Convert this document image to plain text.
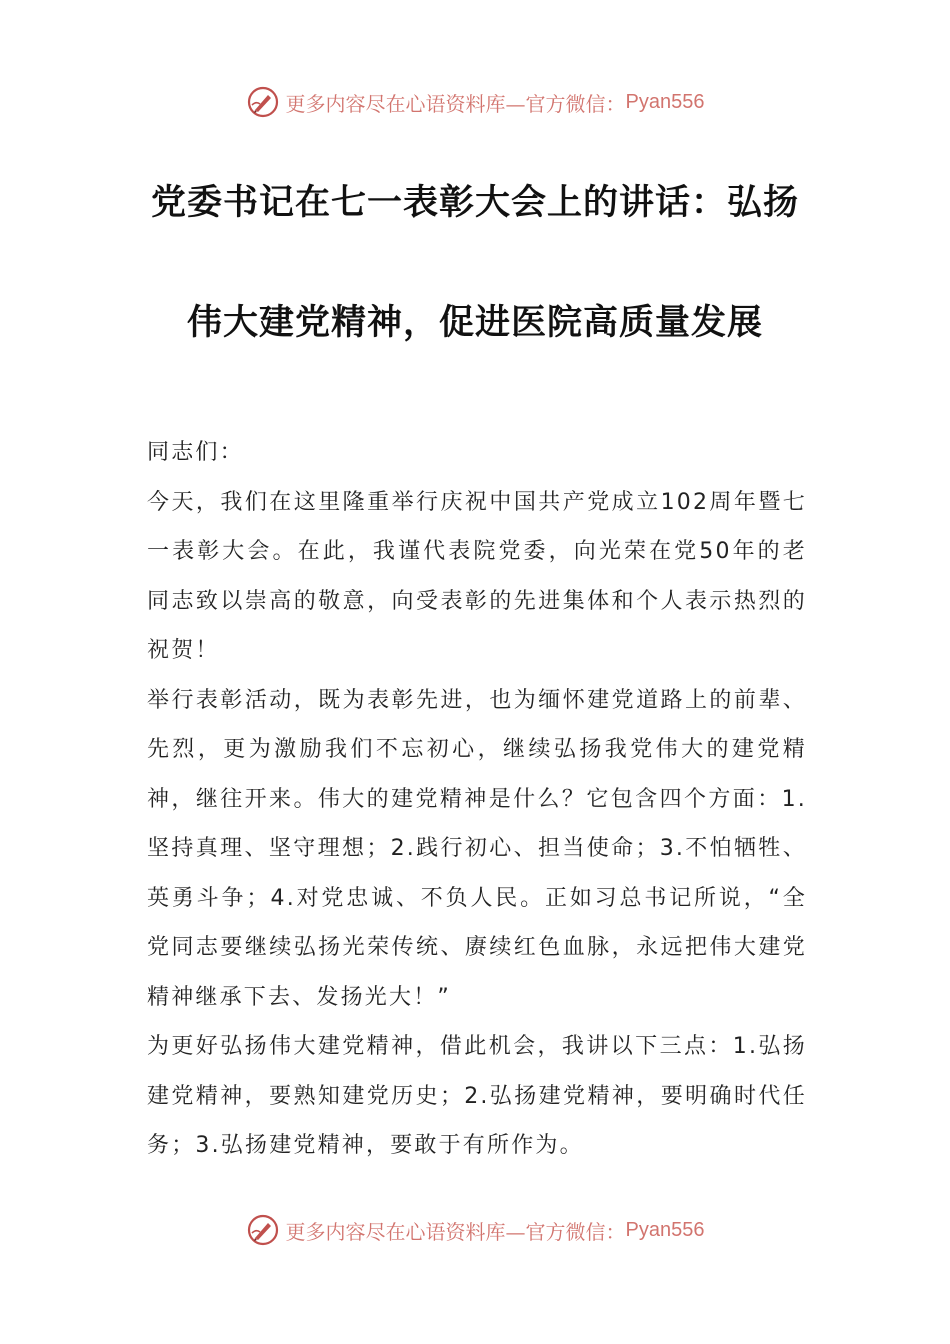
更多内容尽在心语资料库— 官方微信： Pyan556
党委书记在七一表彰大会上的讲话：弘扬
伟大建党精神，促进医院高质量发展

同志们：

今天，我们在这里隆重举行庆祝中国共产党成立102周年暨七一表彰大会。在此，我谨代表院党委，向光荣在党50年的老同志致以崇高的敬意，向受表彰的先进集体和个人表示热烈的祝贺！

举行表彰活动，既为表彰先进，也为缅怀建党道路上的前辈、先烈，更为激励我们不忘初心，继续弘扬我党伟大的建党精神，继往开来。伟大的建党精神是什么？它包含四个方面：1.坚持真理、坚守理想；2.践行初心、担当使命；3.不怕牺牲、英勇斗争；4.对党忠诚、不负人民。正如习总书记所说，“全党同志要继续弘扬光荣传统、赓续红色血脉，永远把伟大建党精神继承下去、发扬光大！”

为更好弘扬伟大建党精神，借此机会，我讲以下三点：1.弘扬建党精神，要熟知建党历史；2.弘扬建党精神，要明确时代任务；3.弘扬建党精神，要敢于有所作为。

更多内容尽在心语资料库— 官方微信： Pyan556
